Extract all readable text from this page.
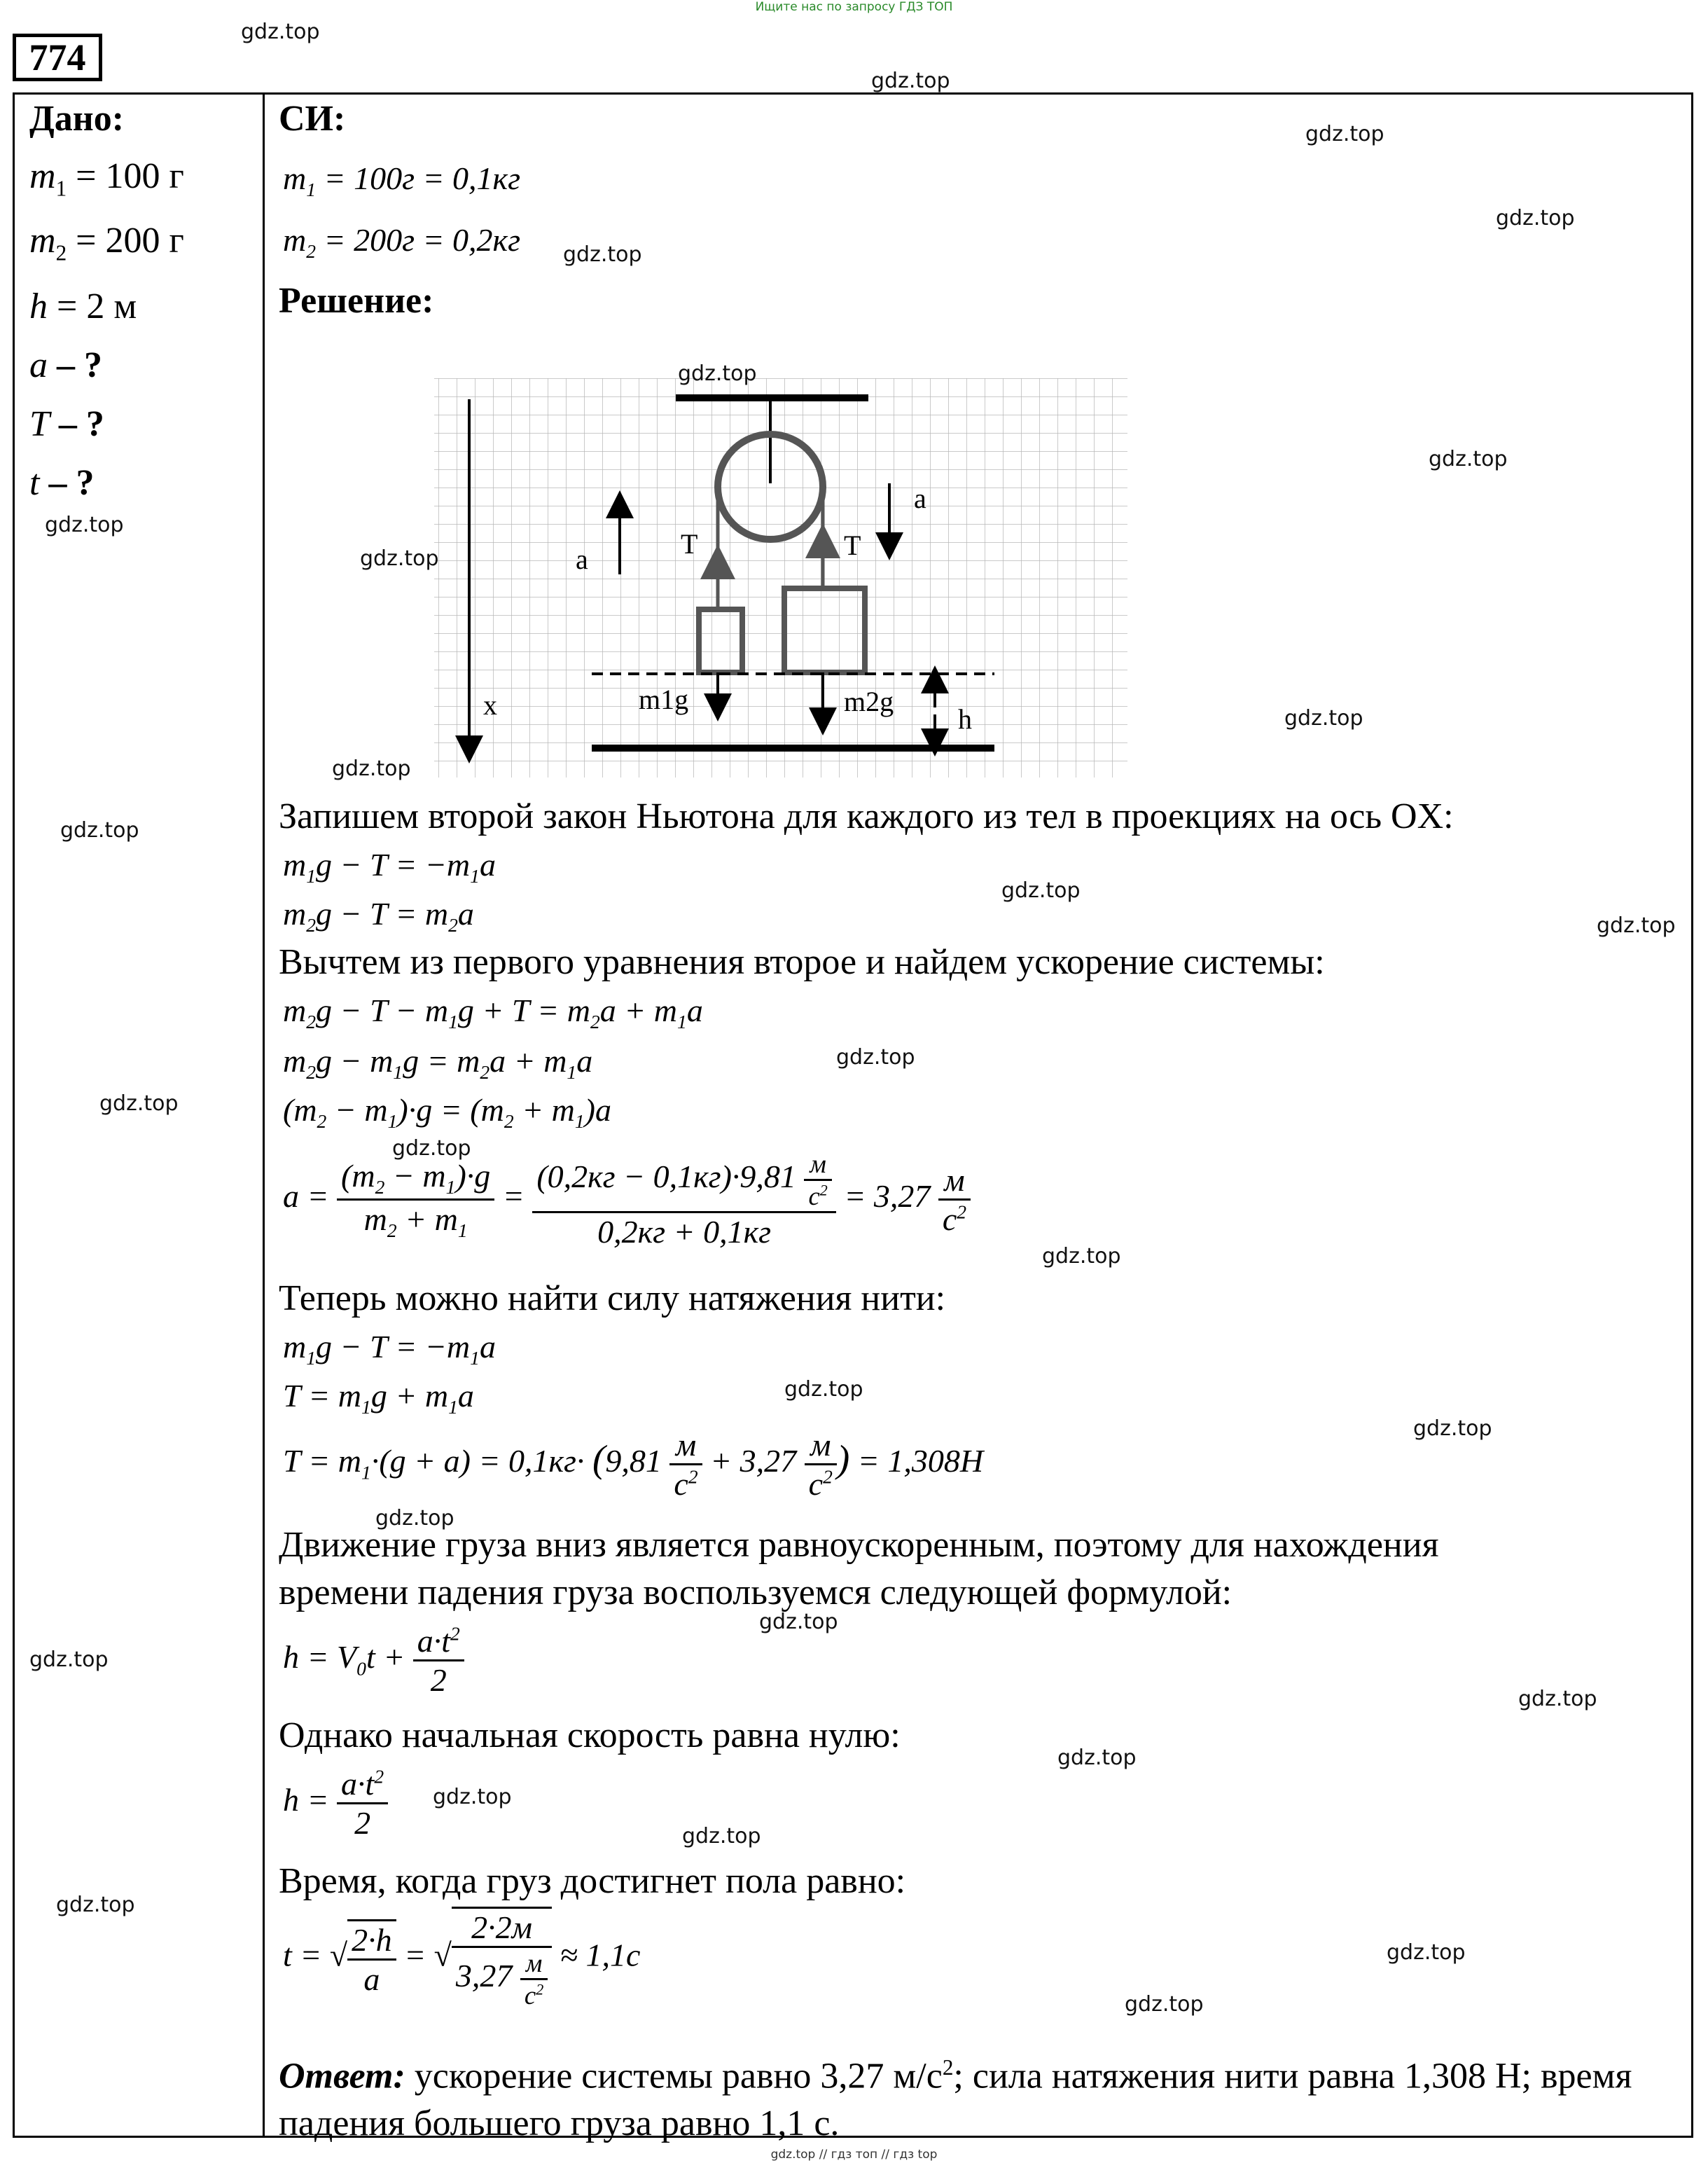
Ищите нас по запросу ГДЗ ТОП
774
Дано:
$m_1 = 100$ г
$m_2 = 200$ г
h = 2 м
a – ?
T – ?
t – ?
СИ:
$m_1 = 100г = 0,1кг$
$m_2 = 200г = 0,2кг$
Решение:
a	T
a
T
x	m1g	m2g
h
Запишем второй закон Ньютона для каждого из тел в проекциях на ось OX:
$m_1g - T = -m_1a$
$m_2g - T = m_2a$
Вычтем из первого уравнения второе и найдем ускорение системы:
$m_2g - T - m_1g + T = m_2a + m_1a$
$m_2g - m_1g = m_2a + m_1a$
$(m_2 - m_1)\cdot g = (m_2 + m_1)a$
$a = \frac{(m_2 - m_1)\cdot g}{m_2 + m_1} = \frac{(0,2кг - 0,1кг)\cdot 9,81 \frac{м}{с^2}}{0,2кг + 0,1кг} = 3,27 \frac{м}{с^2}$
Теперь можно найти силу натяжения нити:
$m_1g - T = -m_1a$
$T = m_1g + m_1a$
$T = m_1\cdot(g + a) = 0,1кг\cdot (9,81 \frac{м}{с^2} + 3,27 \frac{м}{с^2}$ ) = 1,308H
Движение груза вниз является равноускоренным, поэтому для нахождения
времени падения груза воспользуемся следующей формулой:
$h = V_0t + \frac{a\cdot t^2}{2}$
Однако начальная скорость равна нулю:
$h = \frac{a\cdot t^2}{2}$
Время, когда груз достигнет пола равно:
t = √ $\frac{2\cdot h}{a}$ = √ $\frac{2\cdot 2м}{3,27 \frac{м}{с^2}} \approx 1,1с$
Ответ: ускорение системы равно 3,27 $м/с^2$; сила натяжения нити равна 1,308 Н; время падения большего груза равно 1,1 с.
gdz.top
gdz.top
gdz.top
gdz.top
gdz.top
gdz.top
gdz.top
gdz.top
gdz.top
gdz.top
gdz.top
gdz.top
gdz.top
gdz.top
gdz.top
gdz.top
gdz.top
gdz.top
gdz.top
gdz.top
gdz.top
gdz.top
gdz.top
gdz.top
gdz.top
gdz.top
gdz.top
gdz.top
gdz.top
gdz.top
gdz.top // гдз топ // гдз top
